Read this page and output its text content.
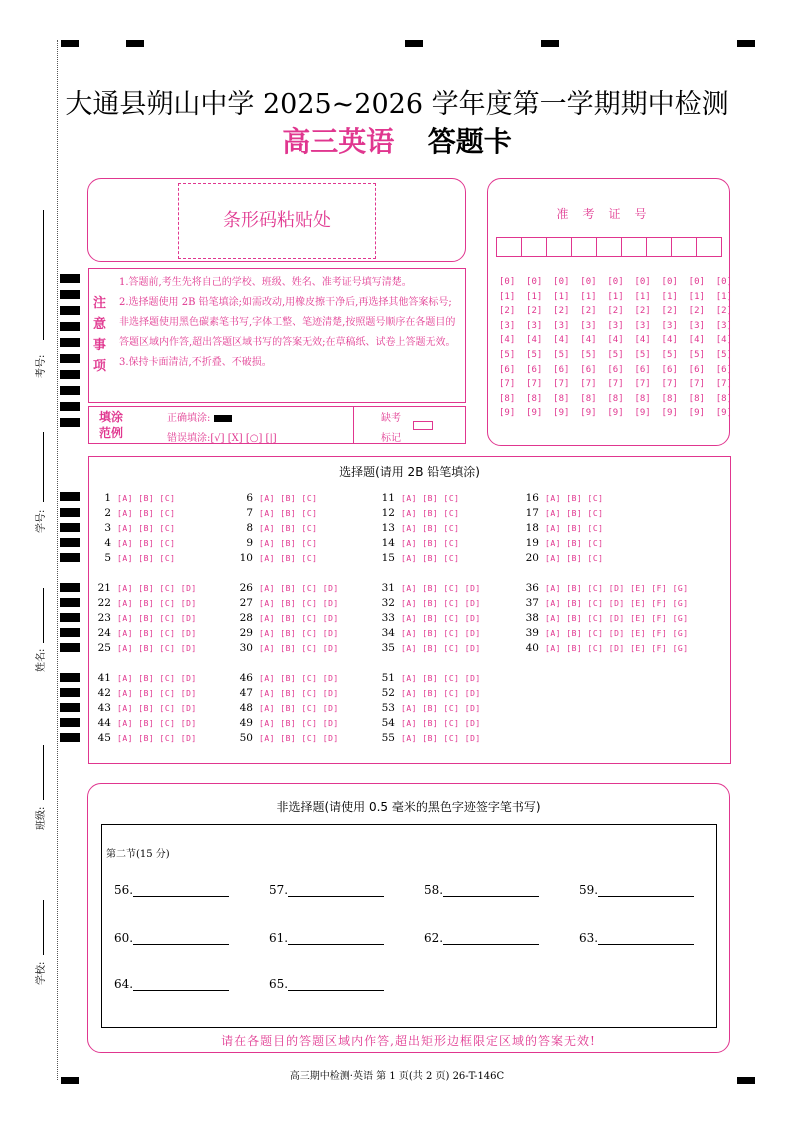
学校:
班级:
姓名:
学号:
考号:
大通县朔山中学 2025~2026 学年度第一学期期中检测
高三英语 答题卡
条形码粘贴处
注意事项

1.答题前,考生先将自己的学校、班级、姓名、准考证号填写清楚。

2.选择题使用 2B 铅笔填涂;如需改动,用橡皮擦干净后,再选择其他答案标号;非选择题使用黑色碳素笔书写,字体工整、笔迹清楚,按照题号顺序在各题目的答题区域内作答,超出答题区域书写的答案无效;在草稿纸、试卷上答题无效。

3.保持卡面清洁,不折叠、不破损。

填涂范例
正确填涂:
错误填涂:[√] [X] [○] [|]
缺考
标记
准考证号
[0]  [0]  [0]  [0]  [0]  [0]  [0]  [0]  [0]
[1]  [1]  [1]  [1]  [1]  [1]  [1]  [1]  [1]
[2]  [2]  [2]  [2]  [2]  [2]  [2]  [2]  [2]
[3]  [3]  [3]  [3]  [3]  [3]  [3]  [3]  [3]
[4]  [4]  [4]  [4]  [4]  [4]  [4]  [4]  [4]
[5]  [5]  [5]  [5]  [5]  [5]  [5]  [5]  [5]
[6]  [6]  [6]  [6]  [6]  [6]  [6]  [6]  [6]
[7]  [7]  [7]  [7]  [7]  [7]  [7]  [7]  [7]
[8]  [8]  [8]  [8]  [8]  [8]  [8]  [8]  [8]
[9]  [9]  [9]  [9]  [9]  [9]  [9]  [9]  [9]
选择题(请用 2B 铅笔填涂)
1 [A] [B] [C]
2 [A] [B] [C]
3 [A] [B] [C]
4 [A] [B] [C]
5 [A] [B] [C]
6 [A] [B] [C]
7 [A] [B] [C]
8 [A] [B] [C]
9 [A] [B] [C]
10 [A] [B] [C]
11 [A] [B] [C]
12 [A] [B] [C]
13 [A] [B] [C]
14 [A] [B] [C]
15 [A] [B] [C]
16 [A] [B] [C]
17 [A] [B] [C]
18 [A] [B] [C]
19 [A] [B] [C]
20 [A] [B] [C]
21 [A] [B] [C] [D]
22 [A] [B] [C] [D]
23 [A] [B] [C] [D]
24 [A] [B] [C] [D]
25 [A] [B] [C] [D]
26 [A] [B] [C] [D]
27 [A] [B] [C] [D]
28 [A] [B] [C] [D]
29 [A] [B] [C] [D]
30 [A] [B] [C] [D]
31 [A] [B] [C] [D]
32 [A] [B] [C] [D]
33 [A] [B] [C] [D]
34 [A] [B] [C] [D]
35 [A] [B] [C] [D]
36 [A] [B] [C] [D] [E] [F] [G]
37 [A] [B] [C] [D] [E] [F] [G]
38 [A] [B] [C] [D] [E] [F] [G]
39 [A] [B] [C] [D] [E] [F] [G]
40 [A] [B] [C] [D] [E] [F] [G]
41 [A] [B] [C] [D]
42 [A] [B] [C] [D]
43 [A] [B] [C] [D]
44 [A] [B] [C] [D]
45 [A] [B] [C] [D]
46 [A] [B] [C] [D]
47 [A] [B] [C] [D]
48 [A] [B] [C] [D]
49 [A] [B] [C] [D]
50 [A] [B] [C] [D]
51 [A] [B] [C] [D]
52 [A] [B] [C] [D]
53 [A] [B] [C] [D]
54 [A] [B] [C] [D]
55 [A] [B] [C] [D]
非选择题(请使用 0.5 毫米的黑色字迹签字笔书写)
第二节(15 分)
56.	57.	58.	59.
60.	61.	62.	63.
64.	65.
请在各题目的答题区域内作答,超出矩形边框限定区域的答案无效!
高三期中检测·英语 第 1 页(共 2 页) 26-T-146C
